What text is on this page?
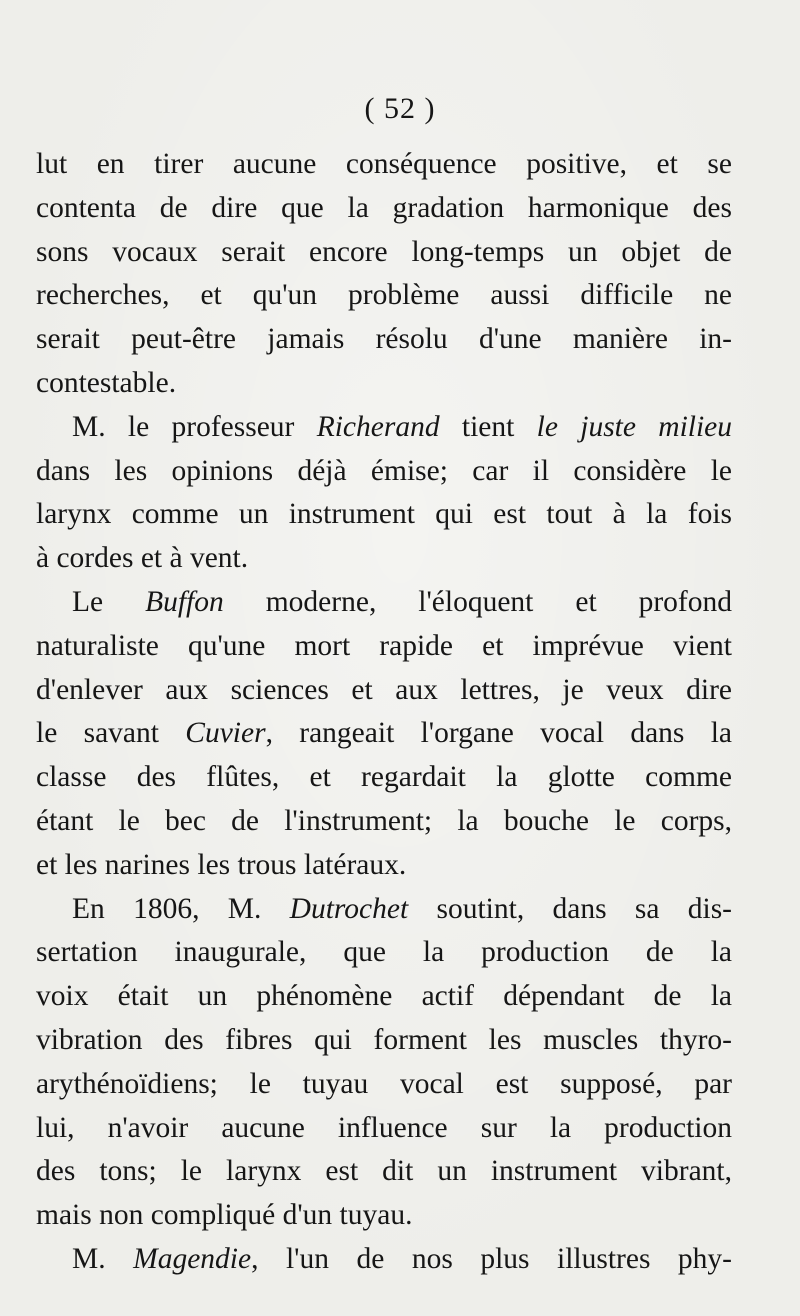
( 52 )
lut en tirer aucune conséquence positive, et se
contenta de dire que la gradation harmonique des
sons vocaux serait encore long-temps un objet de
recherches, et qu'un problème aussi difficile ne
serait peut-être jamais résolu d'une manière in-
contestable.
M. le professeur Richerand tient le juste milieu
dans les opinions déjà émise; car il considère le
larynx comme un instrument qui est tout à la fois
à cordes et à vent.
Le Buffon moderne, l'éloquent et profond
naturaliste qu'une mort rapide et imprévue vient
d'enlever aux sciences et aux lettres, je veux dire
le savant Cuvier, rangeait l'organe vocal dans la
classe des flûtes, et regardait la glotte comme
étant le bec de l'instrument; la bouche le corps,
et les narines les trous latéraux.
En 1806, M. Dutrochet soutint, dans sa dis-
sertation inaugurale, que la production de la
voix était un phénomène actif dépendant de la
vibration des fibres qui forment les muscles thyro-
arythénoïdiens; le tuyau vocal est supposé, par
lui, n'avoir aucune influence sur la production
des tons; le larynx est dit un instrument vibrant,
mais non compliqué d'un tuyau.
M. Magendie, l'un de nos plus illustres phy-
